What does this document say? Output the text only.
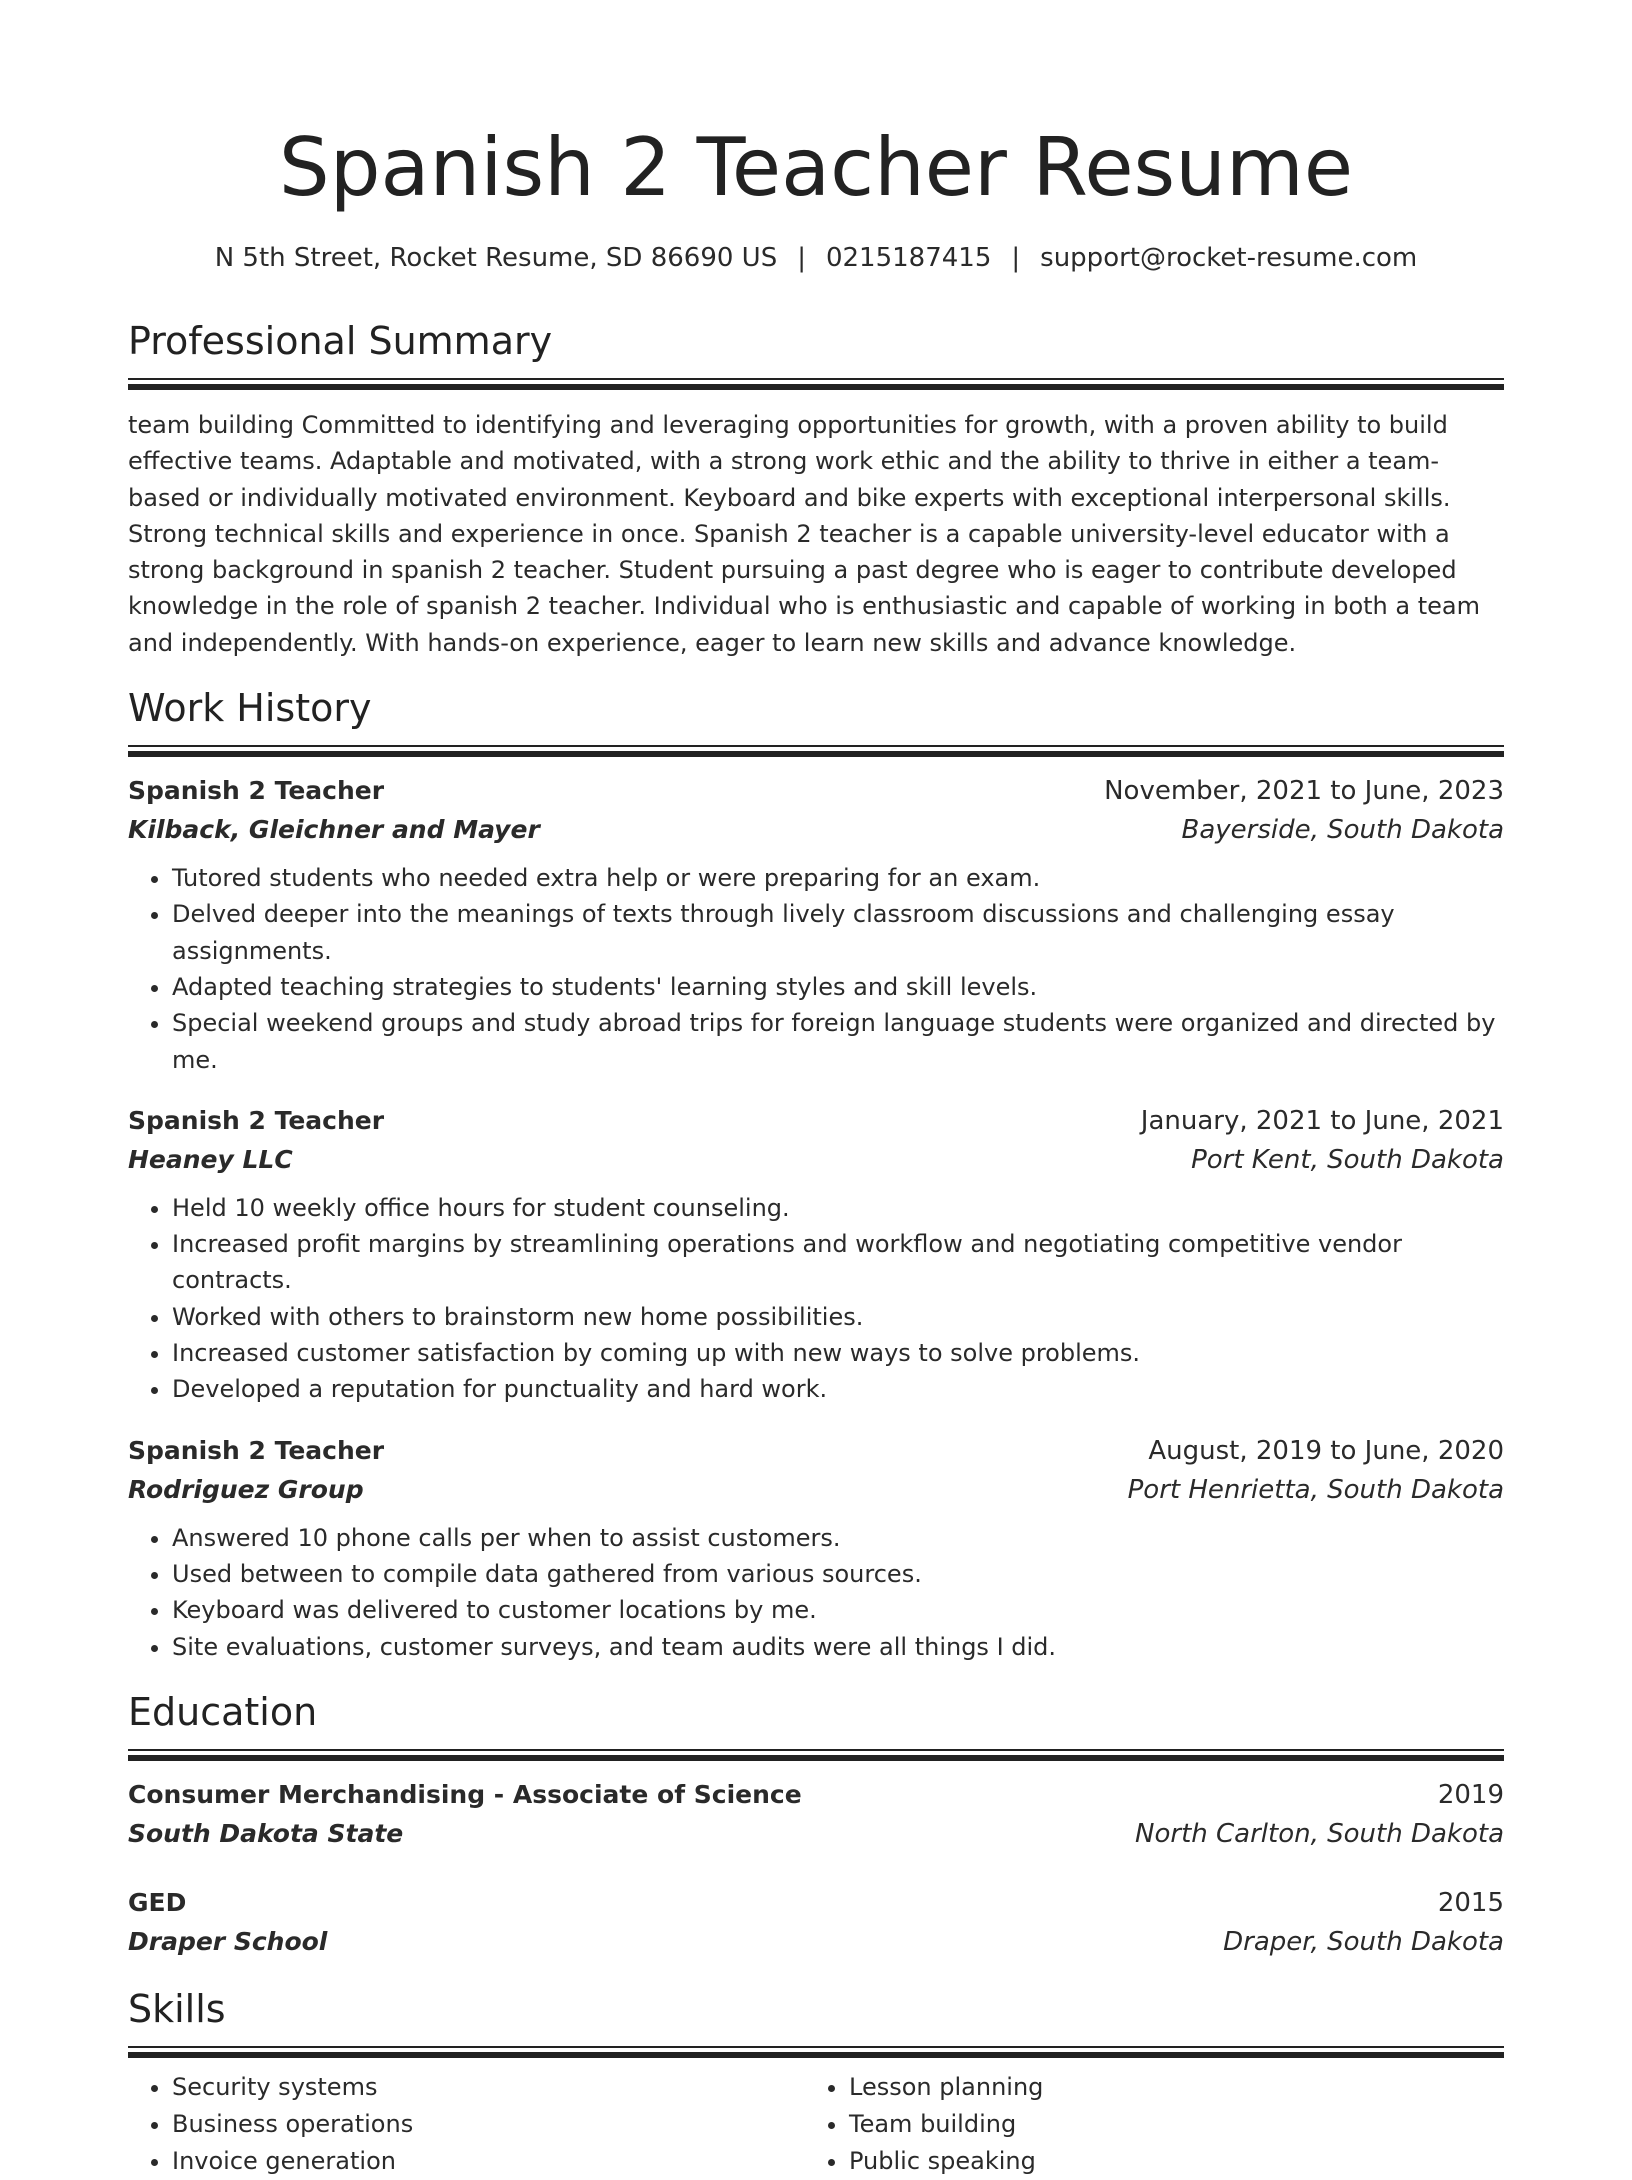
Spanish 2 Teacher Resume
N 5th Street, Rocket Resume, SD 86690 US | 0215187415 | support@rocket-resume.com
Professional Summary

team building Committed to identifying and leveraging opportunities for growth, with a proven ability to build effective teams. Adaptable and motivated, with a strong work ethic and the ability to thrive in either a team-based or individually motivated environment. Keyboard and bike experts with exceptional interpersonal skills. Strong technical skills and experience in once. Spanish 2 teacher is a capable university-level educator with a strong background in spanish 2 teacher. Student pursuing a past degree who is eager to contribute developed knowledge in the role of spanish 2 teacher. Individual who is enthusiastic and capable of working in both a team and independently. With hands-on experience, eager to learn new skills and advance knowledge.

Work History
Spanish 2 Teacher	November, 2021 to June, 2023
Kilback, Gleichner and Mayer	Bayerside, South Dakota
• Tutored students who needed extra help or were preparing for an exam.
• Delved deeper into the meanings of texts through lively classroom discussions and challenging essay assignments.
• Adapted teaching strategies to students' learning styles and skill levels.
• Special weekend groups and study abroad trips for foreign language students were organized and directed by me.
Spanish 2 Teacher	January, 2021 to June, 2021
Heaney LLC	Port Kent, South Dakota
• Held 10 weekly office hours for student counseling.
• Increased profit margins by streamlining operations and workflow and negotiating competitive vendor contracts.
• Worked with others to brainstorm new home possibilities.
• Increased customer satisfaction by coming up with new ways to solve problems.
• Developed a reputation for punctuality and hard work.
Spanish 2 Teacher	August, 2019 to June, 2020
Rodriguez Group	Port Henrietta, South Dakota
• Answered 10 phone calls per when to assist customers.
• Used between to compile data gathered from various sources.
• Keyboard was delivered to customer locations by me.
• Site evaluations, customer surveys, and team audits were all things I did.
Education
Consumer Merchandising - Associate of Science	2019
South Dakota State	North Carlton, South Dakota
GED	2015
Draper School	Draper, South Dakota
Skills
• Security systems
• Business operations
• Invoice generation
• Lesson planning
• Team building
• Public speaking
